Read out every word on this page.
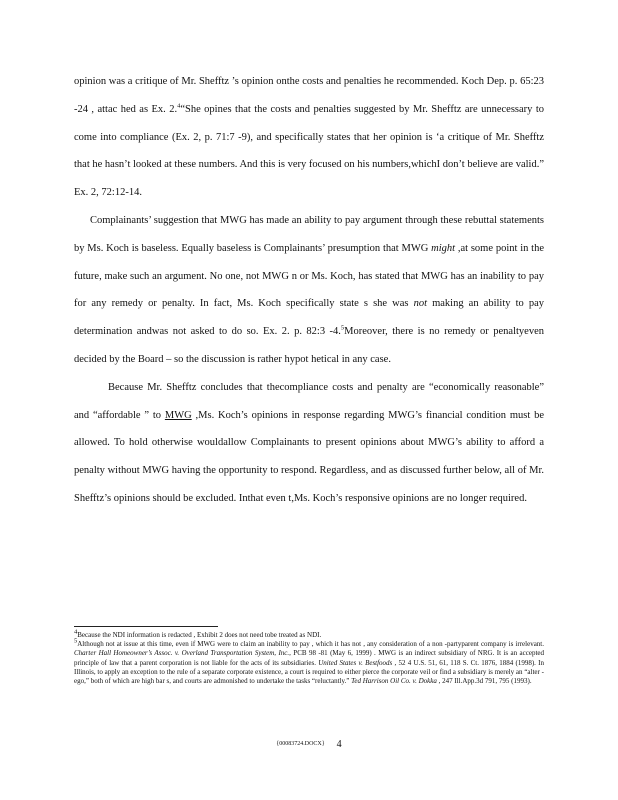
opinion was a critique of Mr. Shefftz ’s opinion onthe costs and penalties he recommended. Koch Dep. p. 65:23 -24 , attac hed as Ex. 2.$^4$“She opines that the costs and penalties suggested by Mr. Shefftz are unnecessary to come into compliance (Ex. 2, p. 71:7 -9), and specifically states that her opinion is ‘a critique of Mr. Shefftz that he hasn’t looked at these numbers. And this is very focused on his numbers,whichI don’t believe are valid.” Ex. 2, 72:12-14.

Complainants’ suggestion that MWG has made an ability to pay argument through these rebuttal statements by Ms. Koch is baseless. Equally baseless is Complainants’ presumption that MWG might ,at some point in the future, make such an argument. No one, not MWG n or Ms. Koch, has stated that MWG has an inability to pay for any remedy or penalty. In fact, Ms. Koch specifically state s she was not making an ability to pay determination andwas not asked to do so. Ex. 2. p. 82:3 -4.$^5$Moreover, there is no remedy or penaltyeven decided by the Board – so the discussion is rather hypot hetical in any case.

Because Mr. Shefftz concludes that thecompliance costs and penalty are “economically reasonable” and “affordable ” to MWG ,Ms. Koch’s opinions in response regarding MWG’s financial condition must be allowed. To hold otherwise wouldallow Complainants to present opinions about MWG’s ability to afford a penalty without MWG having the opportunity to respond. Regardless, and as discussed further below, all of Mr. Shefftz’s opinions should be excluded. Inthat even t,Ms. Koch’s responsive opinions are no longer required.

$^4$Because the NDI information is redacted , Exhibit 2 does not need tobe treated as NDI.

$^5$Although not at issue at this time, even if MWG were to claim an inability to pay , which it has not , any consideration of a non -partyparent company is irrelevant. Charter Hall Homeowner’s Assoc. v. Overland Transportation System, Inc., PCB 98 -81 (May 6, 1999) . MWG is an indirect subsidiary of NRG. It is an accepted principle of law that a parent corporation is not liable for the acts of its subsidiaries. United States v. Bestfoods , 52 4 U.S. 51, 61, 118 S. Ct. 1876, 1884 (1998). In Illinois, to apply an exception to the rule of a separate corporate existence, a court is required to either pierce the corporate veil or find a subsidiary is merely an “alter -ego,” both of which are high bar s, and courts are admonished to undertake the tasks “reluctantly.” Ted Harrison Oil Co. v. Dokka , 247 Ill.App.3d 791, 795 (1993).

{00083724.DOCX} 4
